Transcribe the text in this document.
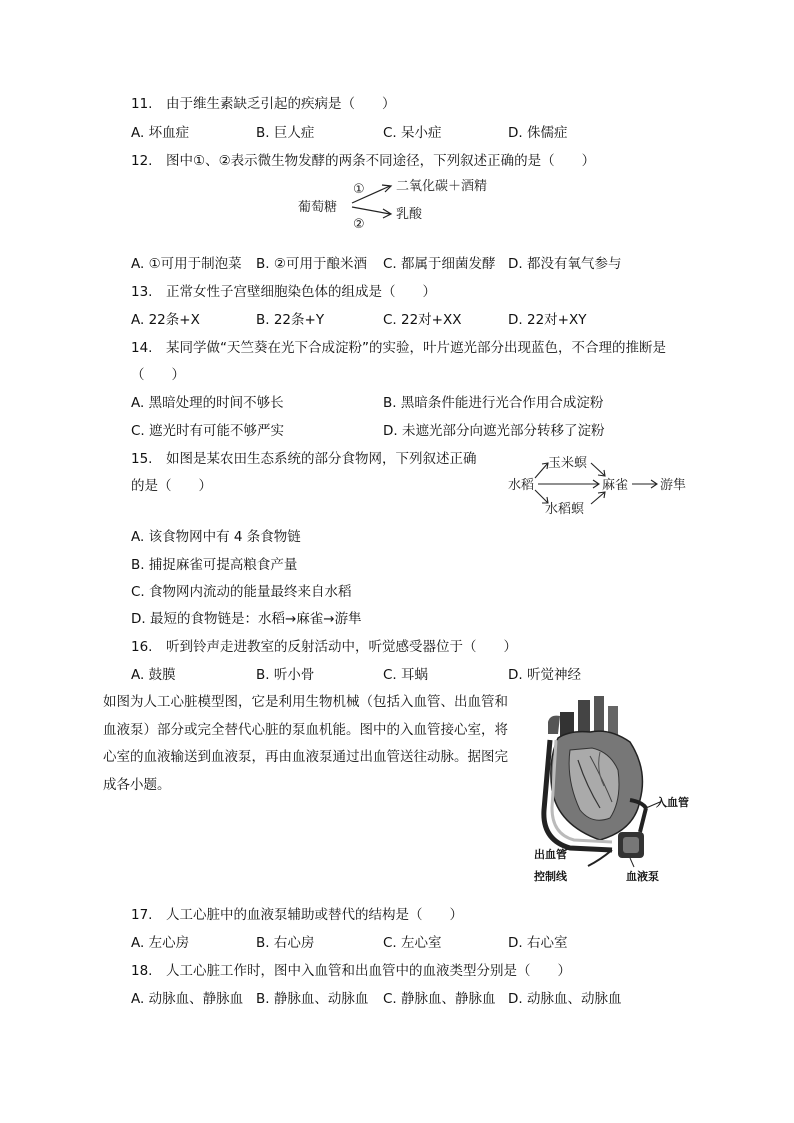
11.　由于维生素缺乏引起的疾病是（　　）
A. 坏血症	B. 巨人症	C. 呆小症	D. 侏儒症
12.　图中①、②表示微生物发酵的两条不同途径，下列叙述正确的是（　　）
葡萄糖
① 二氧化碳＋酒精
②
乳酸
A. ①可用于制泡菜 B. ②可用于酿米酒 C. 都属于细菌发酵 D. 都没有氧气参与
13.　正常女性子宫壁细胞染色体的组成是（　　）
A. 22条+X	B. 22条+Y	C. 22对+XX	D. 22对+XY
14.　某同学做“天竺葵在光下合成淀粉”的实验，叶片遮光部分出现蓝色，不合理的推断是
（　　）
A. 黑暗处理的时间不够长	B. 黑暗条件能进行光合作用合成淀粉
C. 遮光时有可能不够严实	D. 未遮光部分向遮光部分转移了淀粉
15.　如图是某农田生态系统的部分食物网，下列叙述正确
的是（　　）
玉米螟
水稻	麻雀 游隼
水稻螟
A. 该食物网中有 4 条食物链
B. 捕捉麻雀可提高粮食产量
C. 食物网内流动的能量最终来自水稻
D. 最短的食物链是：水稻→麻雀→游隼
16.　听到铃声走进教室的反射活动中，听觉感受器位于（　　）
A. 鼓膜	B. 听小骨	C. 耳蜗	D. 听觉神经
如图为人工心脏模型图，它是利用生物机械（包括入血管、出血管和
血液泵）部分或完全替代心脏的泵血机能。图中的入血管接心室，将
心室的血液输送到血液泵，再由血液泵通过出血管送往动脉。据图完
成各小题。
入血管
出血管
控制线	血液泵
17.　人工心脏中的血液泵辅助或替代的结构是（　　）
A. 左心房	B. 右心房	C. 左心室	D. 右心室
18.　人工心脏工作时，图中入血管和出血管中的血液类型分别是（　　）
A. 动脉血、静脉血 B. 静脉血、动脉血 C. 静脉血、静脉血 D. 动脉血、动脉血
